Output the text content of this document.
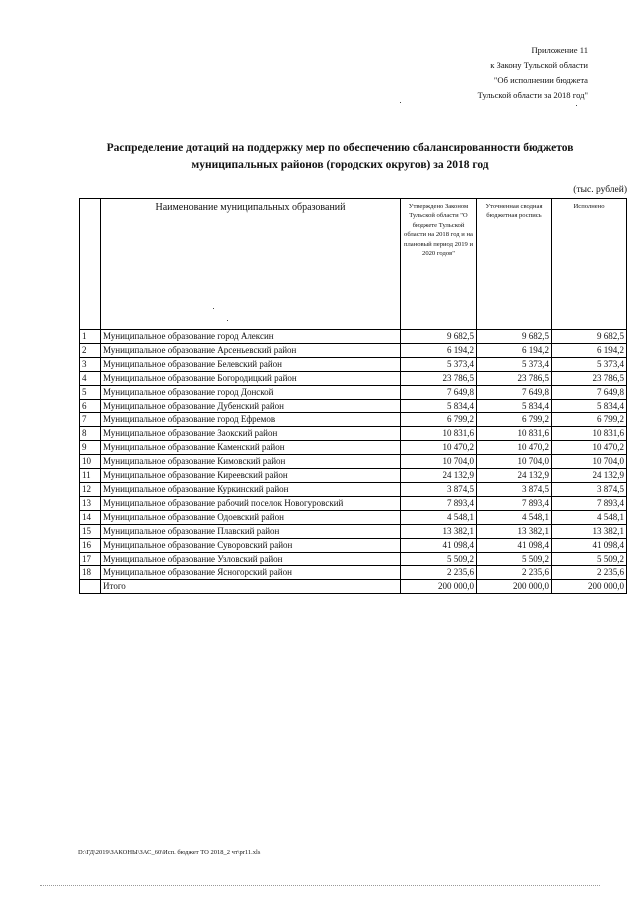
Приложение 11
к Закону Тульской области
"Об исполнении бюджета
Тульской области за 2018 год"
Распределение дотаций на поддержку мер по обеспечению сбалансированности бюджетов
муниципальных районов (городских округов) за 2018 год
(тыс. рублей)
	Наименование муниципальных образований	Утверждено Законом Тульской области "О бюджете Тульской области на 2018 год и на плановый период 2019 и 2020 годов"	Уточненная сводная бюджетная роспись	Исполнено
1	Муниципальное образование город Алексин	9 682,5	9 682,5	9 682,5
2	Муниципальное образование Арсеньевский район	6 194,2	6 194,2	6 194,2
3	Муниципальное образование Белевский район	5 373,4	5 373,4	5 373,4
4	Муниципальное образование Богородицкий район	23 786,5	23 786,5	23 786,5
5	Муниципальное образование город Донской	7 649,8	7 649,8	7 649,8
6	Муниципальное образование Дубенский район	5 834,4	5 834,4	5 834,4
7	Муниципальное образование город Ефремов	6 799,2	6 799,2	6 799,2
8	Муниципальное образование Заокский район	10 831,6	10 831,6	10 831,6
9	Муниципальное образование Каменский район	10 470,2	10 470,2	10 470,2
10	Муниципальное образование Кимовский район	10 704,0	10 704,0	10 704,0
11	Муниципальное образование Киреевский район	24 132,9	24 132,9	24 132,9
12	Муниципальное образование Куркинский район	3 874,5	3 874,5	3 874,5
13	Муниципальное образование рабочий поселок Новогуровский	7 893,4	7 893,4	7 893,4
14	Муниципальное образование Одоевский район	4 548,1	4 548,1	4 548,1
15	Муниципальное образование Плавский район	13 382,1	13 382,1	13 382,1
16	Муниципальное образование Суворовский район	41 098,4	41 098,4	41 098,4
17	Муниципальное образование Узловский район	5 509,2	5 509,2	5 509,2
18	Муниципальное образование Ясногорский район	2 235,6	2 235,6	2 235,6
	Итого	200 000,0	200 000,0	200 000,0
D:\ГД\2019\ЗАКОНЫ\ЗАС_60\Исп. бюджет ТО 2018_2 чт\pr11.xls
